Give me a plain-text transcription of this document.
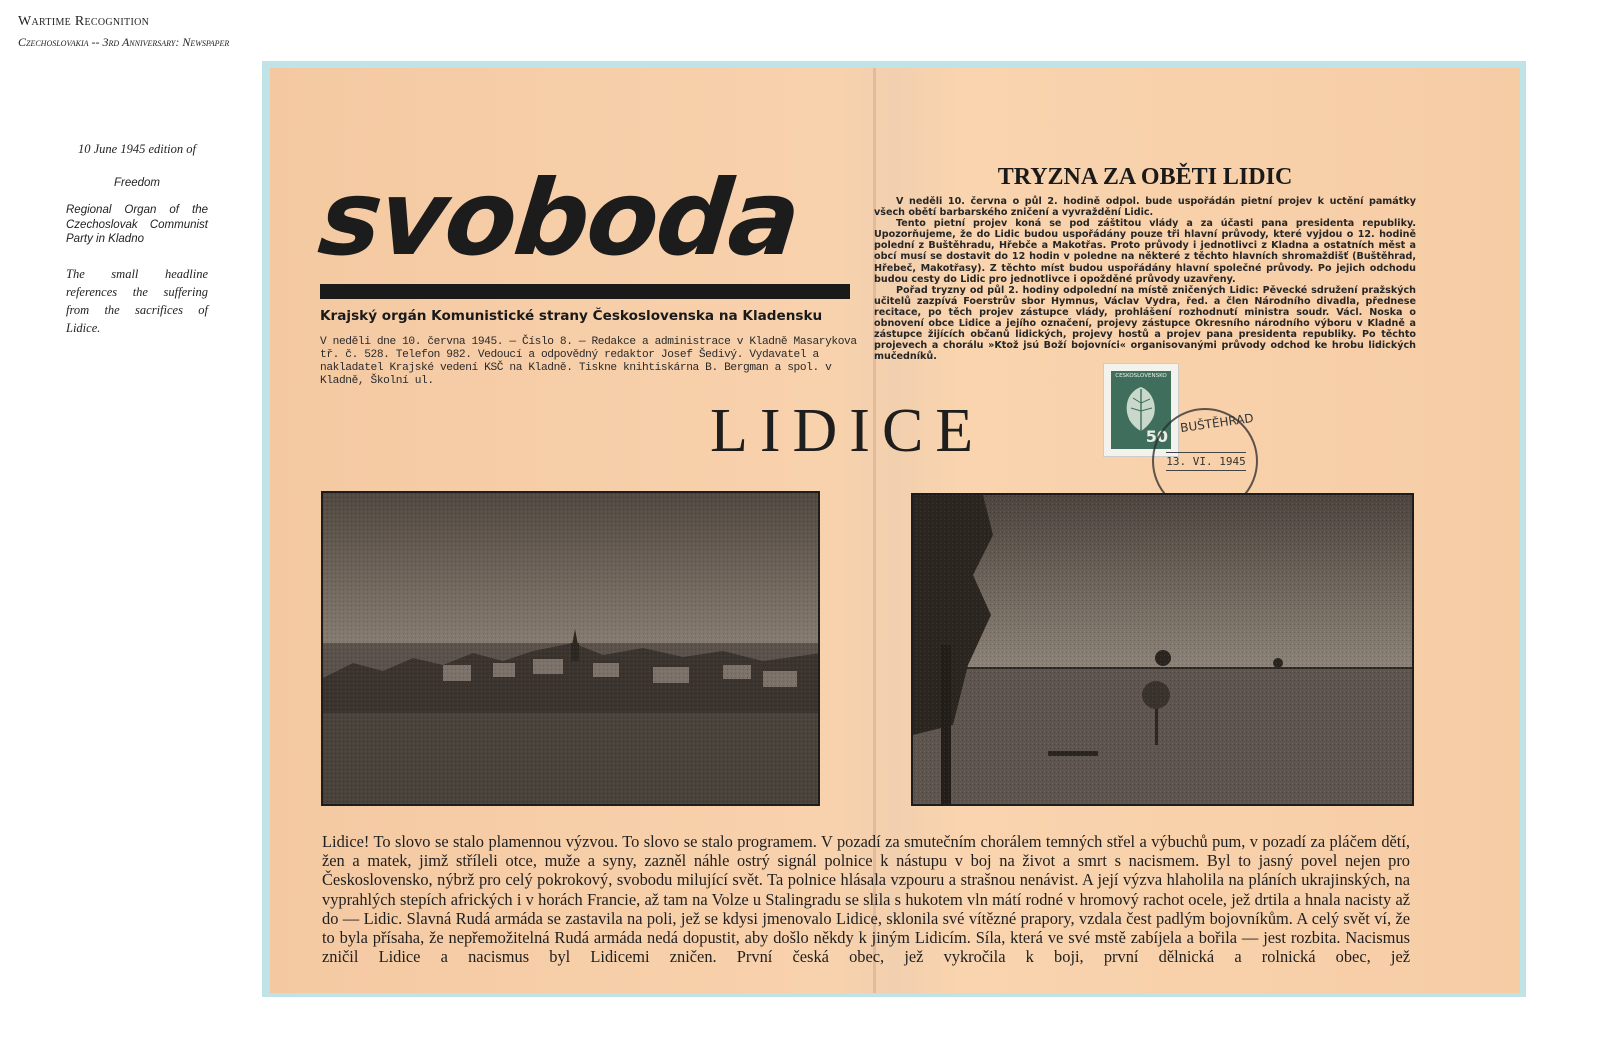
Wartime Recognition
Czechoslovakia -- 3rd Anniversary: Newspaper
10 June 1945 edition of
Freedom
Regional Organ of the Czechoslovak Communist Party in Kladno
The small headline references the suffering from the sacrifices of Lidice.
svoboda
Krajský orgán Komunistické strany Československa na Kladensku
V neděli dne 10. června 1945. — Číslo 8. — Redakce a administrace v Kladně Masarykova tř. č. 528. Telefon 982. Vedoucí a odpovědný redaktor Josef Šedivý. Vydavatel a nakladatel Krajské vedení KSČ na Kladně. Tiskne knihtiskárna B. Bergman a spol. v Kladně, Školní ul.
TRYZNA ZA OBĚTI LIDIC

V neděli 10. června o půl 2. hodině odpol. bude uspořádán pietní projev k uctění památky všech obětí barbarského zničení a vyvraždění Lidic.

Tento pietní projev koná se pod záštitou vlády a za účasti pana presidenta republiky. Upozorňujeme, že do Lidic budou uspořádány pouze tři hlavní průvody, které vyjdou o 12. hodině polední z Buštěhradu, Hřebče a Makotřas. Proto průvody i jednotlivci z Kladna a ostatních měst a obcí musí se dostavit do 12 hodin v poledne na některé z těchto hlavních shromaždišť (Buštěhrad, Hřebeč, Makotřasy). Z těchto míst budou uspořádány hlavní společné průvody. Po jejich odchodu budou cesty do Lidic pro jednotlivce i opožděné průvody uzavřeny.

Pořad tryzny od půl 2. hodiny odpolední na místě zničených Lidic: Pěvecké sdružení pražských učitelů zazpívá Foerstrův sbor Hymnus, Václav Vydra, řed. a člen Národního divadla, přednese recitace, po těch projev zástupce vlády, prohlášení rozhodnutí ministra soudr. Václ. Noska o obnovení obce Lidice a jejího označení, projevy zástupce Okresního národního výboru v Kladně a zástupce žijících občanů lidických, projevy hostů a projev pana presidenta republiky. Po těchto projevech a chorálu »Ktož jsú Boží bojovníci« organisovanými průvody odchod ke hrobu lidických mučedníků.

LIDICE
ČESKOSLOVENSKO
50
BUŠTĚHRAD
13. VI. 1945
Lidice! To slovo se stalo plamennou výzvou. To slovo se stalo programem. V pozadí za smutečním chorálem temných střel a výbuchů pum, v pozadí za pláčem dětí, žen a matek, jimž stříleli otce, muže a syny, zazněl náhle ostrý signál polnice k nástupu v boj na život a smrt s nacismem. Byl to jasný povel nejen pro Československo, nýbrž pro celý pokrokový, svobodu milující svět. Ta polnice hlásala vzpouru a strašnou nenávist. A její výzva hlaholila na pláních ukrajinských, na vyprahlých stepích afrických i v horách Francie, až tam na Volze u Stalingradu se slila s hukotem vln mátí rodné v hromový rachot ocele, jež drtila a hnala nacisty až do — Lidic. Slavná Rudá armáda se zastavila na poli, jež se kdysi jmenovalo Lidice, sklonila své vítězné prapory, vzdala čest padlým bojovníkům. A celý svět ví, že to byla přísaha, že nepřemožitelná Rudá armáda nedá dopustit, aby došlo někdy k jiným Lidicím. Síla, která ve své mstě zabíjela a bořila — jest rozbita. Nacismus zničil Lidice a nacismus byl Lidicemi zničen. První česká obec, jež vykročila k boji, první dělnická a rolnická obec, jež
